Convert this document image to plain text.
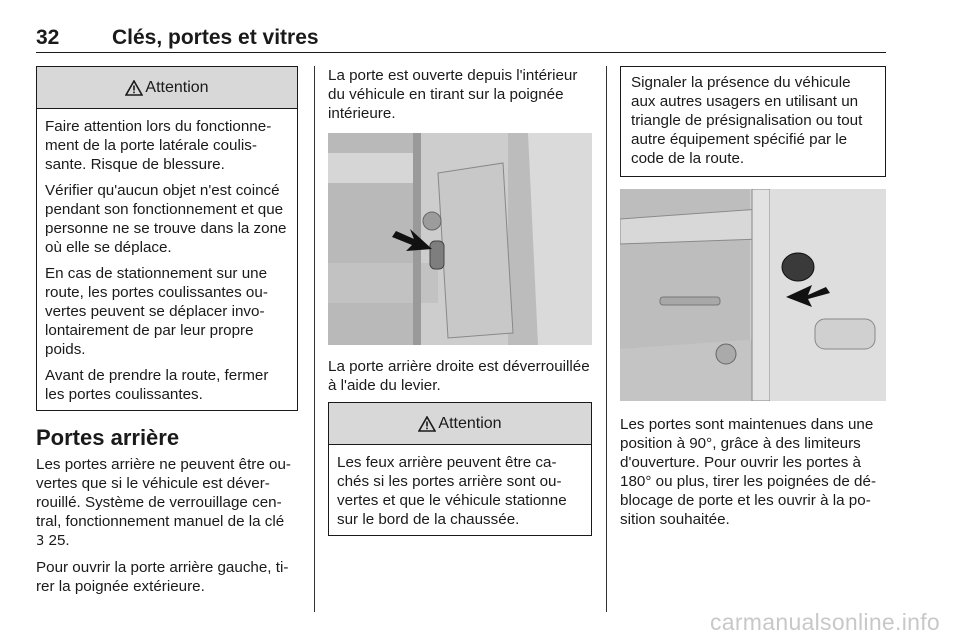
32	Clés, portes et vitres
Attention

Faire attention lors du fonctionnement de la porte latérale coulissante. Risque de blessure.

Vérifier qu'aucun objet n'est coincé pendant son fonctionnement et que personne ne se trouve dans la zone où elle se déplace.

En cas de stationnement sur une route, les portes coulissantes ouvertes peuvent se déplacer involontairement de par leur propre poids.

Avant de prendre la route, fermer les portes coulissantes.

Portes arrière

Les portes arrière ne peuvent être ouvertes que si le véhicule est déverrouillé. Système de verrouillage central, fonctionnement manuel de la clé
3 25.

Pour ouvrir la porte arrière gauche, tirer la poignée extérieure.

La porte est ouverte depuis l'intérieur du véhicule en tirant sur la poignée intérieure.

La porte arrière droite est déverrouillée à l'aide du levier.

Attention

Les feux arrière peuvent être cachés si les portes arrière sont ouvertes et que le véhicule stationne sur le bord de la chaussée.

Signaler la présence du véhicule aux autres usagers en utilisant un triangle de présignalisation ou tout autre équipement spécifié par le code de la route.

Les portes sont maintenues dans une position à 90°, grâce à des limiteurs d'ouverture. Pour ouvrir les portes à 180° ou plus, tirer les poignées de déblocage de porte et les ouvrir à la position souhaitée.

carmanualsonline.info
